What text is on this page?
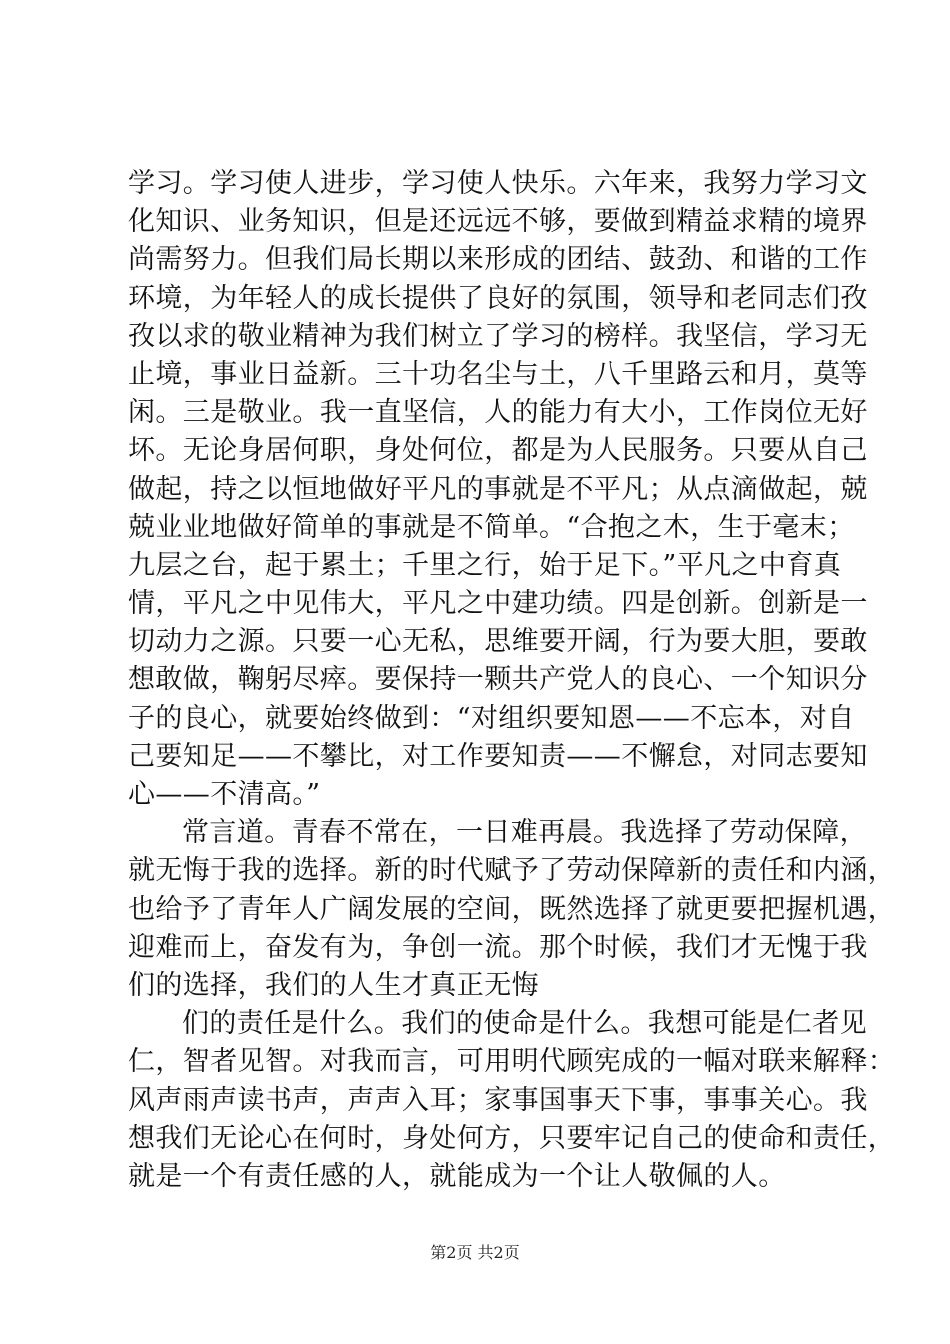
学习。学习使人进步，学习使人快乐。六年来，我努力学习文
化知识、业务知识，但是还远远不够，要做到精益求精的境界
尚需努力。但我们局长期以来形成的团结、鼓劲、和谐的工作
环境，为年轻人的成长提供了良好的氛围，领导和老同志们孜
孜以求的敬业精神为我们树立了学习的榜样。我坚信，学习无
止境，事业日益新。三十功名尘与土，八千里路云和月，莫等
闲。三是敬业。我一直坚信，人的能力有大小，工作岗位无好
坏。无论身居何职，身处何位，都是为人民服务。只要从自己
做起，持之以恒地做好平凡的事就是不平凡；从点滴做起，兢
兢业业地做好简单的事就是不简单。“合抱之木，生于毫末；
九层之台，起于累土；千里之行，始于足下。”平凡之中育真
情，平凡之中见伟大，平凡之中建功绩。四是创新。创新是一
切动力之源。只要一心无私，思维要开阔，行为要大胆，要敢
想敢做，鞠躬尽瘁。要保持一颗共产党人的良心、一个知识分
子的良心，就要始终做到：“对组织要知恩——不忘本，对自
己要知足——不攀比，对工作要知责——不懈怠，对同志要知
心——不清高。”
常言道。青春不常在，一日难再晨。我选择了劳动保障，
就无悔于我的选择。新的时代赋予了劳动保障新的责任和内涵，
也给予了青年人广阔发展的空间，既然选择了就更要把握机遇，
迎难而上，奋发有为，争创一流。那个时候，我们才无愧于我
们的选择，我们的人生才真正无悔
们的责任是什么。我们的使命是什么。我想可能是仁者见
仁，智者见智。对我而言，可用明代顾宪成的一幅对联来解释：
风声雨声读书声，声声入耳；家事国事天下事，事事关心。我
想我们无论心在何时，身处何方，只要牢记自己的使命和责任，
就是一个有责任感的人，就能成为一个让人敬佩的人。
第2页 共2页
